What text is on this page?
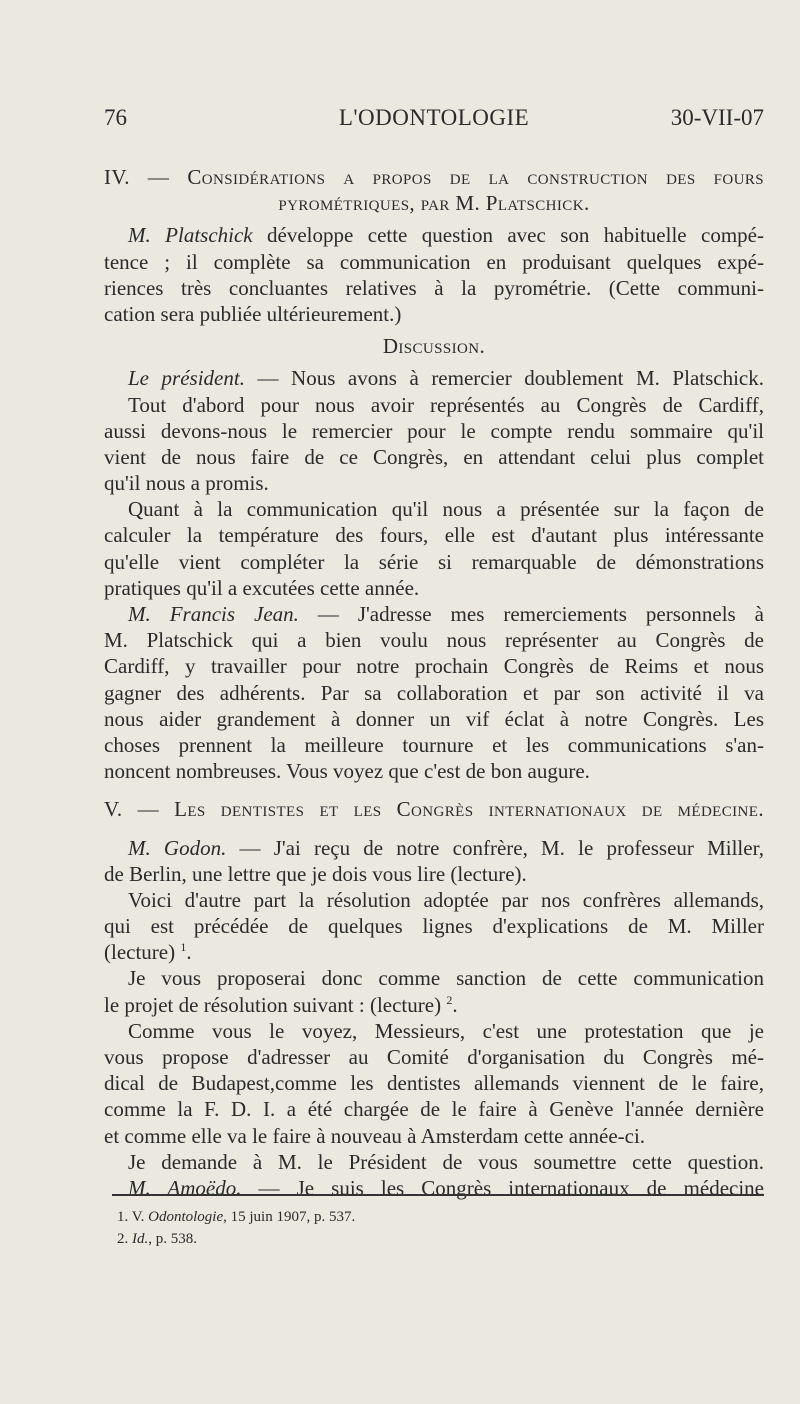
76	L'ODONTOLOGIE	30-VII-07
IV. — Considérations a propos de la construction des fours
pyrométriques, par M. Platschick.
M. Platschick développe cette question avec son habituelle compé-
tence ; il complète sa communication en produisant quelques expé-
riences très concluantes relatives à la pyrométrie. (Cette communi-
cation sera publiée ultérieurement.)
Discussion.
Le président. — Nous avons à remercier doublement M. Platschick.
Tout d'abord pour nous avoir représentés au Congrès de Cardiff,
aussi devons-nous le remercier pour le compte rendu sommaire qu'il
vient de nous faire de ce Congrès, en attendant celui plus complet
qu'il nous a promis.
Quant à la communication qu'il nous a présentée sur la façon de
calculer la température des fours, elle est d'autant plus intéressante
qu'elle vient compléter la série si remarquable de démonstrations
pratiques qu'il a excutées cette année.
M. Francis Jean. — J'adresse mes remerciements personnels à
M. Platschick qui a bien voulu nous représenter au Congrès de
Cardiff, y travailler pour notre prochain Congrès de Reims et nous
gagner des adhérents. Par sa collaboration et par son activité il va
nous aider grandement à donner un vif éclat à notre Congrès. Les
choses prennent la meilleure tournure et les communications s'an-
noncent nombreuses. Vous voyez que c'est de bon augure.
V. — Les dentistes et les Congrès internationaux de médecine.
M. Godon. — J'ai reçu de notre confrère, M. le professeur Miller,
de Berlin, une lettre que je dois vous lire (lecture).
Voici d'autre part la résolution adoptée par nos confrères allemands,
qui est précédée de quelques lignes d'explications de M. Miller
(lecture) $^1$.
Je vous proposerai donc comme sanction de cette communication
le projet de résolution suivant : (lecture) $^2$.
Comme vous le voyez, Messieurs, c'est une protestation que je
vous propose d'adresser au Comité d'organisation du Congrès mé-
dical de Budapest,comme les dentistes allemands viennent de le faire,
comme la F. D. I. a été chargée de le faire à Genève l'année dernière
et comme elle va le faire à nouveau à Amsterdam cette année-ci.
Je demande à M. le Président de vous soumettre cette question.
M. Amoëdo. — Je suis les Congrès internationaux de médecine
1. V. Odontologie, 15 juin 1907, p. 537.
2. Id., p. 538.
